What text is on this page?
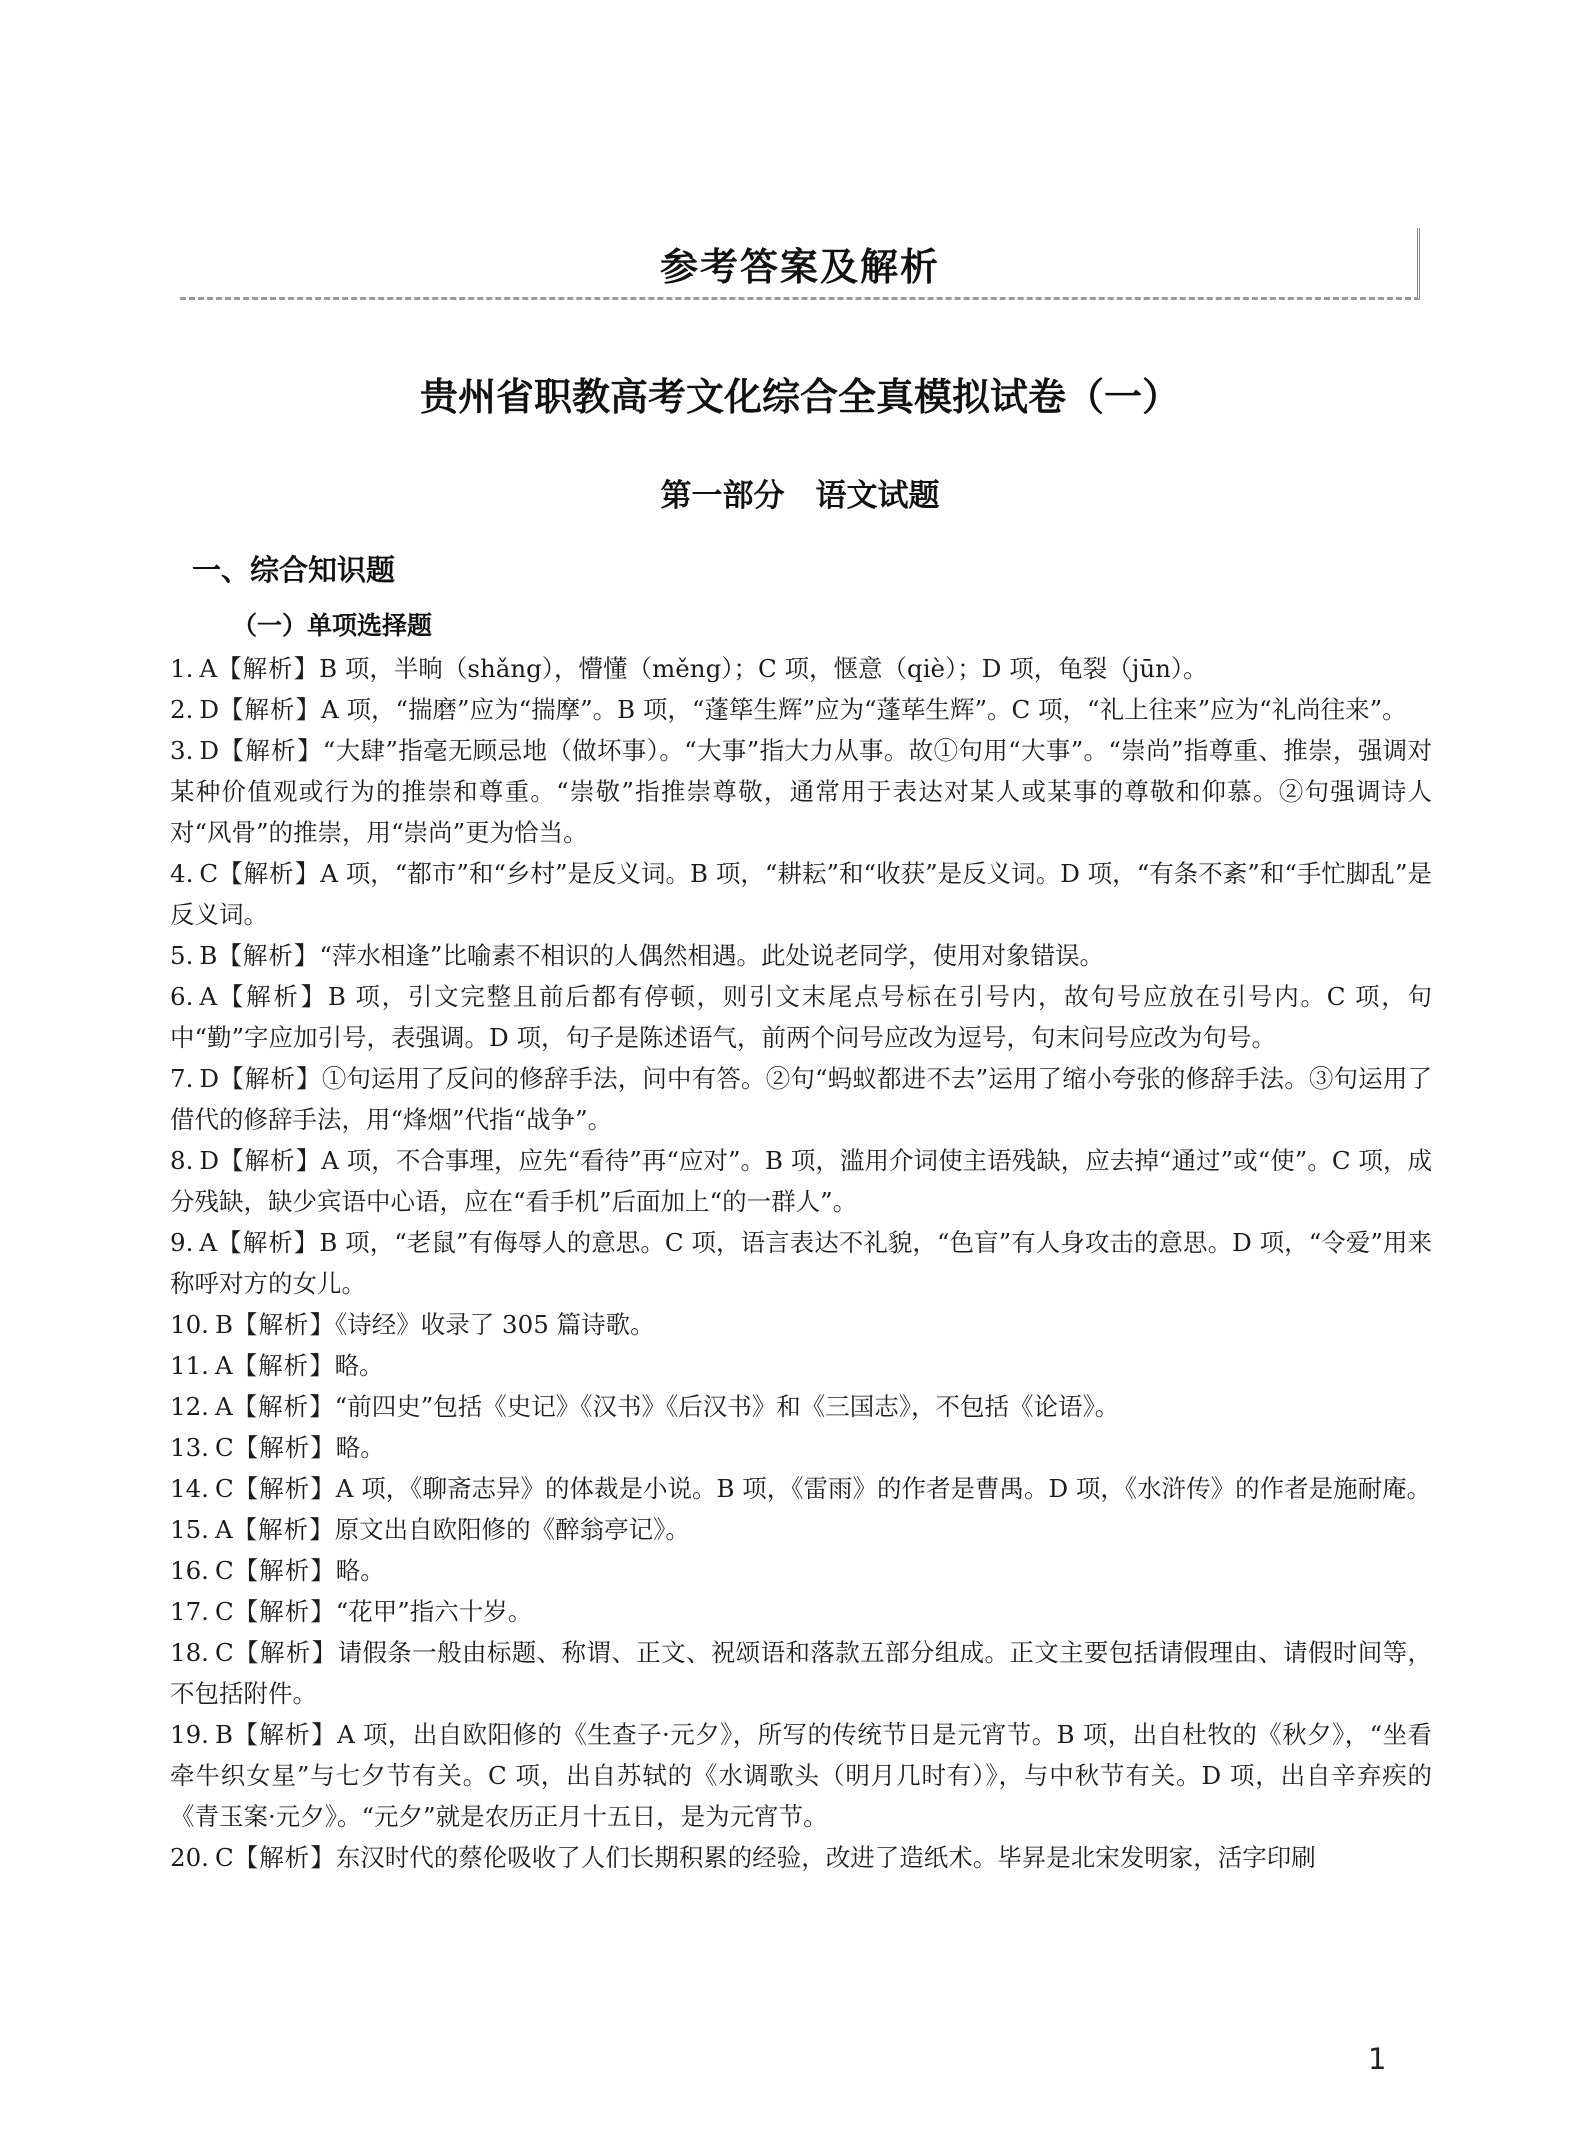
参考答案及解析
贵州省职教高考文化综合全真模拟试卷（一）
第一部分　语文试题
一、综合知识题
（一）单项选择题
1. A【解析】B 项，半晌（shǎng），懵懂（měng）；C 项，惬意（qiè）；D 项，龟裂（jūn）。
2. D【解析】A 项，“揣磨”应为“揣摩”。B 项，“蓬筚生辉”应为“蓬荜生辉”。C 项，“礼上往来”应为“礼尚往来”。
3. D【解析】“大肆”指毫无顾忌地（做坏事）。“大事”指大力从事。故①句用“大事”。“崇尚”指尊重、推崇，强调对某种价值观或行为的推崇和尊重。“崇敬”指推崇尊敬，通常用于表达对某人或某事的尊敬和仰慕。②句强调诗人对“风骨”的推崇，用“崇尚”更为恰当。
4. C【解析】A 项，“都市”和“乡村”是反义词。B 项，“耕耘”和“收获”是反义词。D 项，“有条不紊”和“手忙脚乱”是反义词。
5. B【解析】“萍水相逢”比喻素不相识的人偶然相遇。此处说老同学，使用对象错误。
6. A【解析】B 项，引文完整且前后都有停顿，则引文末尾点号标在引号内，故句号应放在引号内。C 项，句中“勤”字应加引号，表强调。D 项，句子是陈述语气，前两个问号应改为逗号，句末问号应改为句号。
7. D【解析】①句运用了反问的修辞手法，问中有答。②句“蚂蚁都进不去”运用了缩小夸张的修辞手法。③句运用了借代的修辞手法，用“烽烟”代指“战争”。
8. D【解析】A 项，不合事理，应先“看待”再“应对”。B 项，滥用介词使主语残缺，应去掉“通过”或“使”。C 项，成分残缺，缺少宾语中心语，应在“看手机”后面加上“的一群人”。
9. A【解析】B 项，“老鼠”有侮辱人的意思。C 项，语言表达不礼貌，“色盲”有人身攻击的意思。D 项，“令爱”用来称呼对方的女儿。
10. B【解析】《诗经》收录了 305 篇诗歌。
11. A【解析】略。
12. A【解析】“前四史”包括《史记》《汉书》《后汉书》和《三国志》，不包括《论语》。
13. C【解析】略。
14. C【解析】A 项，《聊斋志异》的体裁是小说。B 项，《雷雨》的作者是曹禺。D 项，《水浒传》的作者是施耐庵。
15. A【解析】原文出自欧阳修的《醉翁亭记》。
16. C【解析】略。
17. C【解析】“花甲”指六十岁。
18. C【解析】请假条一般由标题、称谓、正文、祝颂语和落款五部分组成。正文主要包括请假理由、请假时间等，不包括附件。
19. B【解析】A 项，出自欧阳修的《生查子·元夕》，所写的传统节日是元宵节。B 项，出自杜牧的《秋夕》，“坐看牵牛织女星”与七夕节有关。C 项，出自苏轼的《水调歌头（明月几时有）》，与中秋节有关。D 项，出自辛弃疾的《青玉案·元夕》。“元夕”就是农历正月十五日，是为元宵节。
20. C【解析】东汉时代的蔡伦吸收了人们长期积累的经验，改进了造纸术。毕昇是北宋发明家，活字印刷
1
